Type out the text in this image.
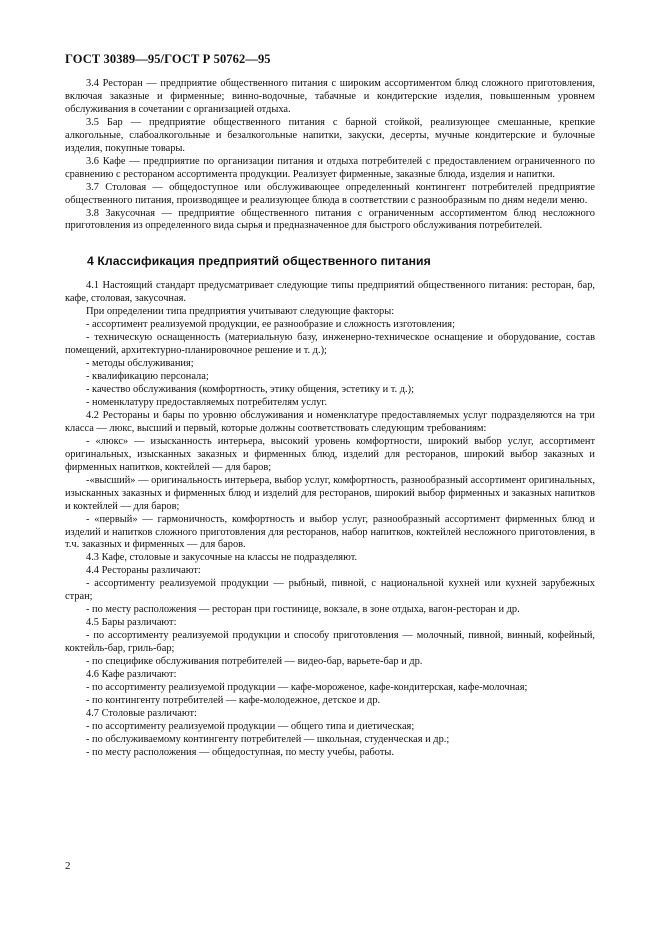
ГОСТ 30389—95/ГОСТ Р 50762—95

3.4 Ресторан — предприятие общественного питания с широким ассортиментом блюд сложного приготовления, включая заказные и фирменные; винно-водочные, табачные и кондитерские изделия, повышенным уровнем обслуживания в сочетании с организацией отдыха.

3.5 Бар — предприятие общественного питания с барной стойкой, реализующее смешанные, крепкие алкогольные, слабоалкогольные и безалкогольные напитки, закуски, десерты, мучные кондитерские и булочные изделия, покупные товары.

3.6 Кафе — предприятие по организации питания и отдыха потребителей с предоставлением ограниченного по сравнению с рестораном ассортимента продукции. Реализует фирменные, заказные блюда, изделия и напитки.

3.7 Столовая — общедоступное или обслуживающее определенный контингент потребителей предприятие общественного питания, производящее и реализующее блюда в соответствии с разнообразным по дням недели меню.

3.8 Закусочная — предприятие общественного питания с ограниченным ассортиментом блюд несложного приготовления из определенного вида сырья и предназначенное для быстрого обслуживания потребителей.

4 Классификация предприятий общественного питания

4.1 Настоящий стандарт предусматривает следующие типы предприятий общественного питания: ресторан, бар, кафе, столовая, закусочная.

При определении типа предприятия учитывают следующие факторы:

- ассортимент реализуемой продукции, ее разнообразие и сложность изготовления;

- техническую оснащенность (материальную базу, инженерно-техническое оснащение и оборудование, состав помещений, архитектурно-планировочное решение и т. д.);

- методы обслуживания;

- квалификацию персонала;

- качество обслуживания (комфортность, этику общения, эстетику и т. д.);

- номенклатуру предоставляемых потребителям услуг.

4.2 Рестораны и бары по уровню обслуживания и номенклатуре предоставляемых услуг подразделяются на три класса — люкс, высший и первый, которые должны соответствовать следующим требованиям:

- «люкс» — изысканность интерьера, высокий уровень комфортности, широкий выбор услуг, ассортимент оригинальных, изысканных заказных и фирменных блюд, изделий для ресторанов, широкий выбор заказных и фирменных напитков, коктейлей — для баров;

-«высший» — оригинальность интерьера, выбор услуг, комфортность, разнообразный ассортимент оригинальных, изысканных заказных и фирменных блюд и изделий для ресторанов, широкий выбор фирменных и заказных напитков и коктейлей — для баров;

- «первый» — гармоничность, комфортность и выбор услуг, разнообразный ассортимент фирменных блюд и изделий и напитков сложного приготовления для ресторанов, набор напитков, коктейлей несложного приготовления, в т.ч. заказных и фирменных — для баров.

4.3 Кафе, столовые и закусочные на классы не подразделяют.

4.4 Рестораны различают:

- ассортименту реализуемой продукции — рыбный, пивной, с национальной кухней или кухней зарубежных стран;

- по месту расположения — ресторан при гостинице, вокзале, в зоне отдыха, вагон-ресторан и др.

4.5 Бары различают:

- по ассортименту реализуемой продукции и способу приготовления — молочный, пивной, винный, кофейный, коктейль-бар, гриль-бар;

- по специфике обслуживания потребителей — видео-бар, варьете-бар и др.

4.6 Кафе различают:

- по ассортименту реализуемой продукции — кафе-мороженое, кафе-кондитерская, кафе-молочная;

- по контингенту потребителей — кафе-молодежное, детское и др.

4.7 Столовые различают:

- по ассортименту реализуемой продукции — общего типа и диетическая;

- по обслуживаемому контингенту потребителей — школьная, студенческая и др.;

- по месту расположения — общедоступная, по месту учебы, работы.

2
